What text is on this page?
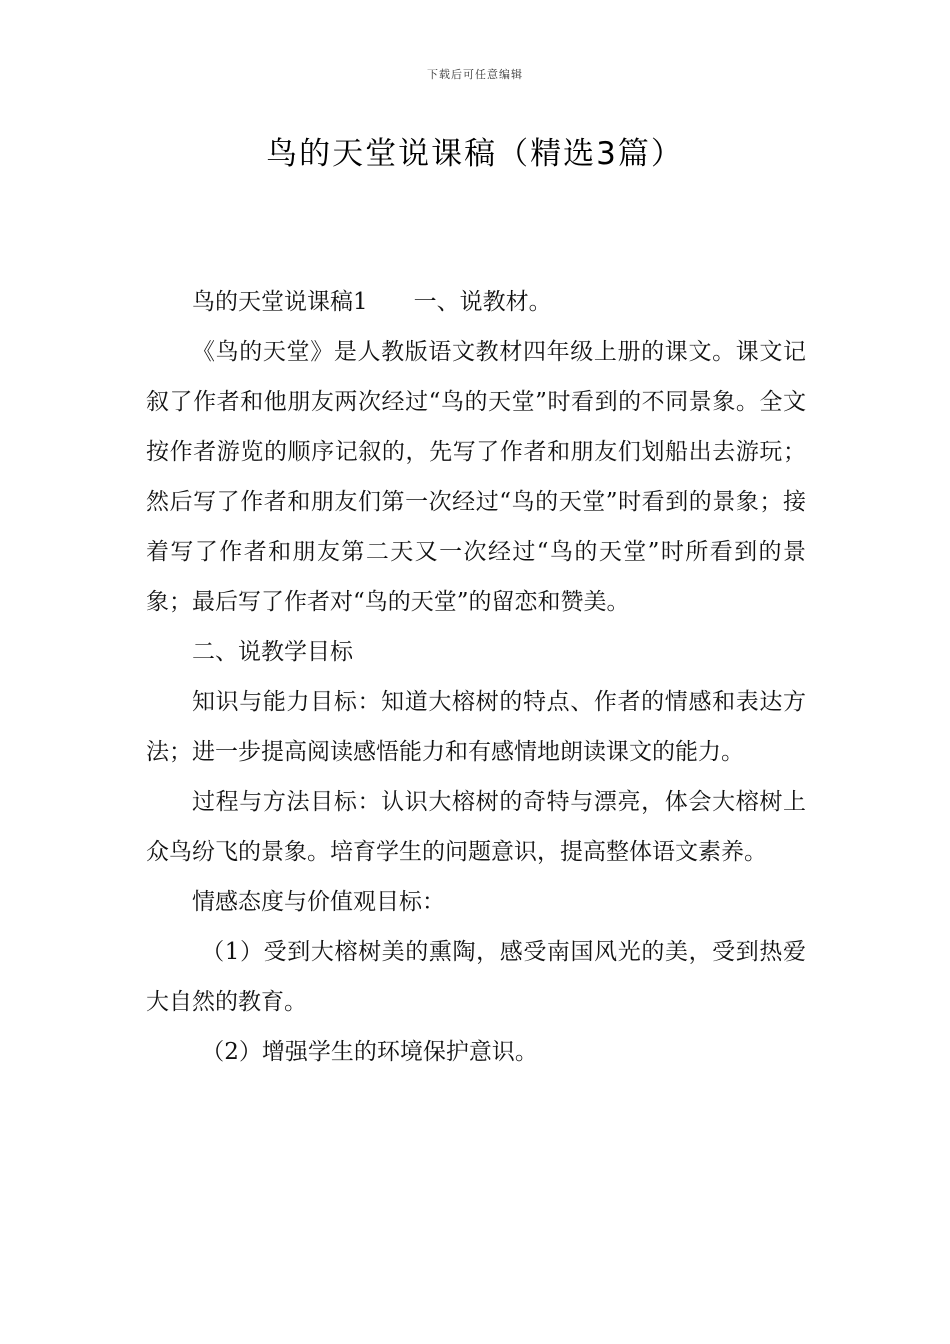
下载后可任意编辑
鸟的天堂说课稿（精选3篇）

鸟的天堂说课稿1 一、说教材。

《鸟的天堂》是人教版语文教材四年级上册的课文。课文记叙了作者和他朋友两次经过“鸟的天堂”时看到的不同景象。全文按作者游览的顺序记叙的，先写了作者和朋友们划船出去游玩；然后写了作者和朋友们第一次经过“鸟的天堂”时看到的景象；接着写了作者和朋友第二天又一次经过“鸟的天堂”时所看到的景象；最后写了作者对“鸟的天堂”的留恋和赞美。

二、说教学目标

知识与能力目标：知道大榕树的特点、作者的情感和表达方法；进一步提高阅读感悟能力和有感情地朗读课文的能力。

过程与方法目标：认识大榕树的奇特与漂亮，体会大榕树上众鸟纷飞的景象。培育学生的问题意识，提高整体语文素养。

情感态度与价值观目标：

（1）受到大榕树美的熏陶，感受南国风光的美，受到热爱大自然的教育。

（2）增强学生的环境保护意识。
